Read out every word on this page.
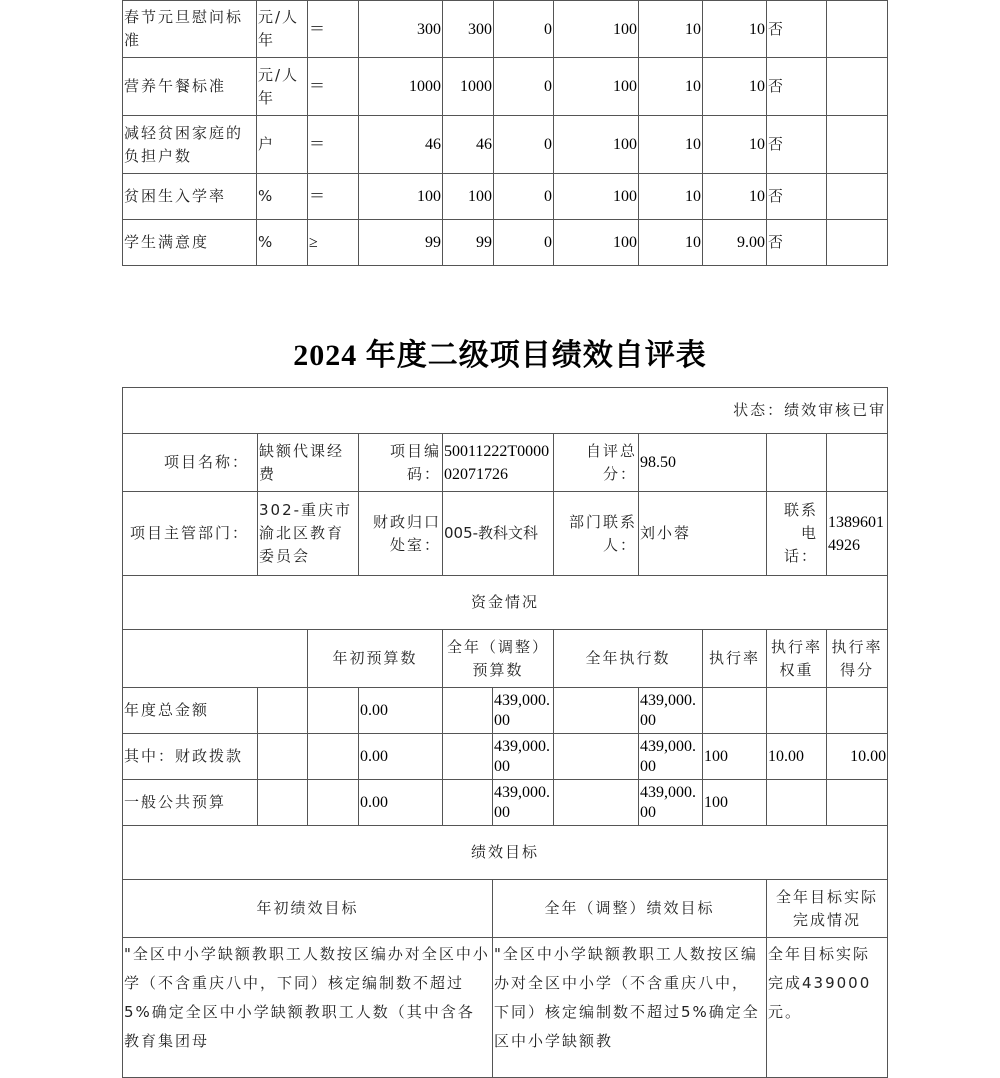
春节元旦慰问标准	元/人年	＝	300	300	0	100	10	10	否	
营养午餐标准	元/人年	＝	1000	1000	0	100	10	10	否	
减轻贫困家庭的负担户数	户	＝	46	46	0	100	10	10	否	
贫困生入学率	%	＝	100	100	0	100	10	10	否	
学生满意度	%	≥	99	99	0	100	10	9.00	否	
2024 年度二级项目绩效自评表
状态：绩效审核已审										
项目名称：	缺额代课经费		项目编码：	50011222T000002071726		自评总分：	98.50			
项目主管部门：	302-重庆市渝北区教育委员会		财政归口处室：	005-教科文科		部门联系人：	刘小蓉		联系电话：	13896014926
资金情况										
		年初预算数		全年（调整）预算数		全年执行数		执行率	执行率权重	执行率得分
年度总金额			0.00		439,000.00		439,000.00			
其中：财政拨款			0.00		439,000.00		439,000.00	100	10.00	10.00
一般公共预算			0.00		439,000.00		439,000.00	100		
绩效目标										
年初绩效目标					全年（调整）绩效目标				全年目标实际完成情况	
"全区中小学缺额教职工人数按区编办对全区中小学（不含重庆八中，下同）核定编制数不超过5%确定全区中小学缺额教职工人数（其中含各教育集团母					"全区中小学缺额教职工人数按区编办对全区中小学（不含重庆八中，下同）核定编制数不超过5%确定全区中小学缺额教				全年目标实际完成439000 元。	
